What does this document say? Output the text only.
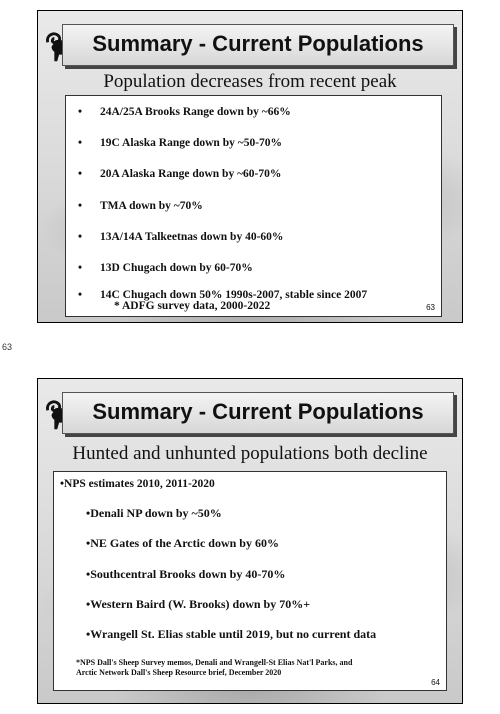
Summary - Current Populations
Population decreases from recent peak
• 24A/25A Brooks Range down by ~66%
• 19C Alaska Range down by ~50-70%
• 20A Alaska Range down by ~60-70%
• TMA down by ~70%
• 13A/14A Talkeetnas down by 40-60%
• 13D Chugach down by 60-70%
• 14C Chugach down 50% 1990s-2007, stable since 2007
* ADFG survey data, 2000-2022	63
63
Summary - Current Populations
Hunted and unhunted populations both decline
•NPS estimates 2010, 2011-2020
•Denali NP down by ~50%
•NE Gates of the Arctic down by 60%
•Southcentral Brooks down by 40-70%
•Western Baird (W. Brooks) down by 70%+
•Wrangell St. Elias stable until 2019, but no current data
*NPS Dall's Sheep Survey memos, Denali and Wrangell-St Elias Nat'l Parks, and
Arctic Network Dall's Sheep Resource brief, December 2020
64
